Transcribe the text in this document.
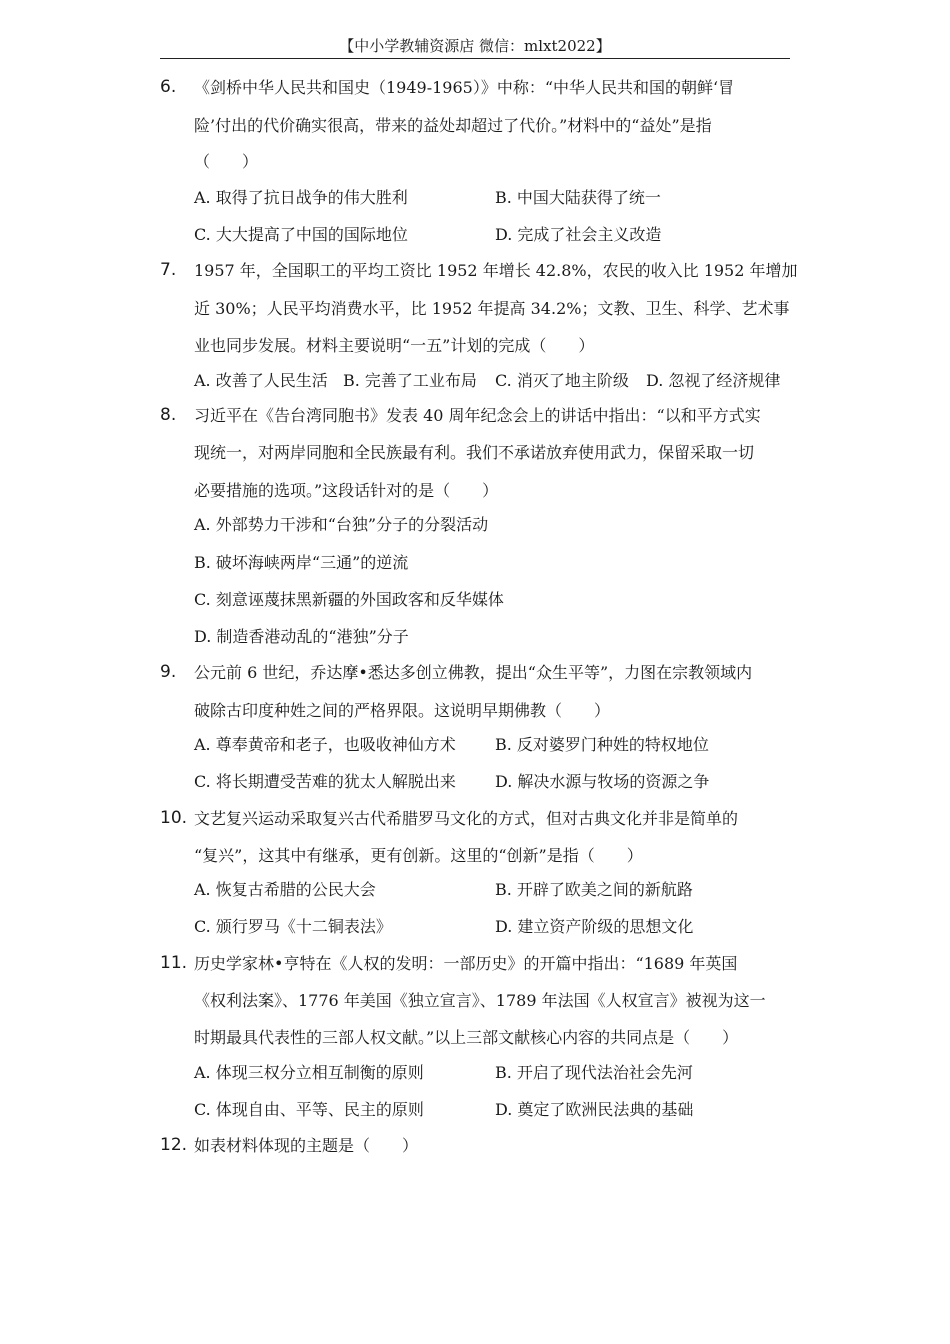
【中小学教辅资源店 微信：mlxt2022】
6. 《剑桥中华人民共和国史（1949-1965）》中称：“中华人民共和国的朝鲜‘冒
险’付出的代价确实很高，带来的益处却超过了代价。”材料中的“益处”是指
（　　）
A. 取得了抗日战争的伟大胜利	B. 中国大陆获得了统一
C. 大大提高了中国的国际地位	D. 完成了社会主义改造
7. 1957 年，全国职工的平均工资比 1952 年增长 42.8%，农民的收入比 1952 年增加
近 30%；人民平均消费水平，比 1952 年提高 34.2%；文教、卫生、科学、艺术事
业也同步发展。材料主要说明“一五”计划的完成（　　）
A. 改善了人民生活 B. 完善了工业布局 C. 消灭了地主阶级 D. 忽视了经济规律
8. 习近平在《告台湾同胞书》发表 40 周年纪念会上的讲话中指出：“以和平方式实
现统一，对两岸同胞和全民族最有利。我们不承诺放弃使用武力，保留采取一切
必要措施的选项。”这段话针对的是（　　）
A. 外部势力干涉和“台独”分子的分裂活动
B. 破坏海峡两岸“三通”的逆流
C. 刻意诬蔑抹黑新疆的外国政客和反华媒体
D. 制造香港动乱的“港独”分子
9. 公元前 6 世纪，乔达摩•悉达多创立佛教，提出“众生平等”，力图在宗教领域内
破除古印度种姓之间的严格界限。这说明早期佛教（　　）
A. 尊奉黄帝和老子，也吸收神仙方术 B. 反对婆罗门种姓的特权地位
C. 将长期遭受苦难的犹太人解脱出来 D. 解决水源与牧场的资源之争
10. 文艺复兴运动采取复兴古代希腊罗马文化的方式，但对古典文化并非是简单的
“复兴”，这其中有继承，更有创新。这里的“创新”是指（　　）
A. 恢复古希腊的公民大会	B. 开辟了欧美之间的新航路
C. 颁行罗马《十二铜表法》	D. 建立资产阶级的思想文化
11. 历史学家林•亨特在《人权的发明：一部历史》的开篇中指出：“1689 年英国
《权利法案》、1776 年美国《独立宣言》、1789 年法国《人权宣言》被视为这一
时期最具代表性的三部人权文献。”以上三部文献核心内容的共同点是（　　）
A. 体现三权分立相互制衡的原则	B. 开启了现代法治社会先河
C. 体现自由、平等、民主的原则	D. 奠定了欧洲民法典的基础
12. 如表材料体现的主题是（　　）
